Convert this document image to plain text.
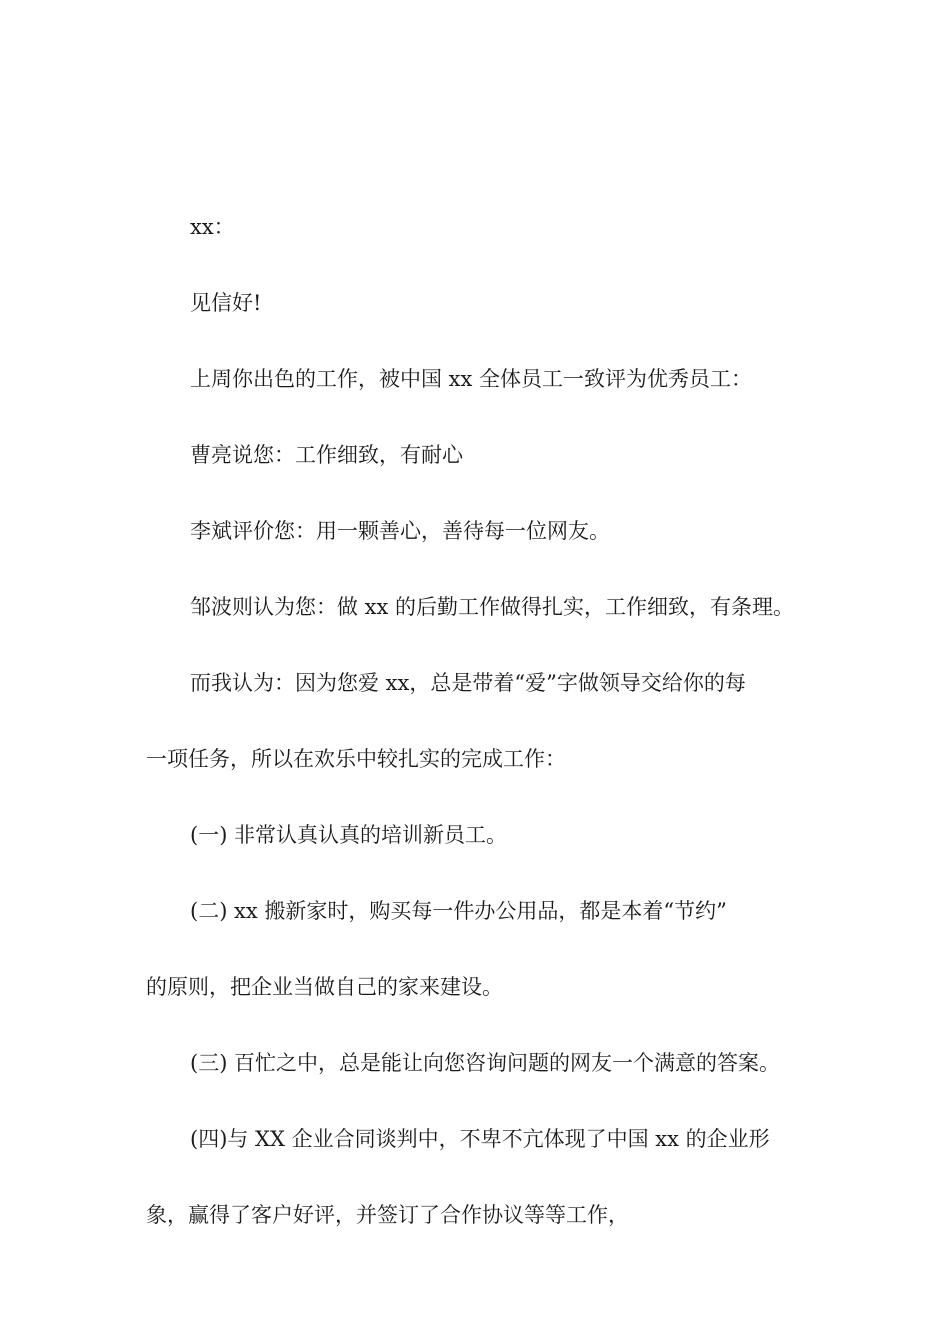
xx：

见信好!

上周你出色的工作，被中国 xx 全体员工一致评为优秀员工：

曹亮说您：工作细致，有耐心

李斌评价您：用一颗善心，善待每一位网友。

邹波则认为您：做 xx 的后勤工作做得扎实，工作细致，有条理。

而我认为：因为您爱 xx，总是带着“爱”字做领导交给你的每

一项任务，所以在欢乐中较扎实的完成工作：

(一) 非常认真认真的培训新员工。

(二) xx 搬新家时，购买每一件办公用品，都是本着“节约”

的原则，把企业当做自己的家来建设。

(三) 百忙之中，总是能让向您咨询问题的网友一个满意的答案。

(四)与 XX 企业合同谈判中，不卑不亢体现了中国 xx 的企业形

象，赢得了客户好评，并签订了合作协议等等工作，
